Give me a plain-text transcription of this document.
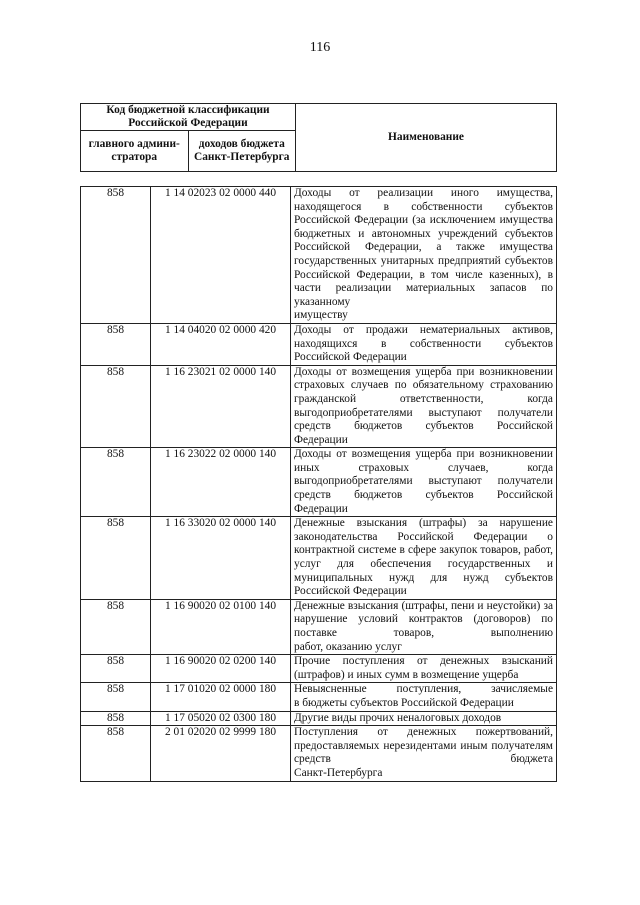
116
Код бюджетной классификации Российской Федерации		Наименование
главного админи-стратора	доходов бюджета Санкт-Петербурга	
858	1 14 02023 02 0000 440	Доходы от реализации иного имущества, находящегося в собственности субъектов Российской Федерации (за исключением имущества бюджетных и автономных учреждений субъектов Российской Федерации, а также имущества государственных унитарных предприятий субъектов Российской Федерации, в том числе казенных), в части реализации материальных запасов по указанному
имуществу

858	1 14 04020 02 0000 420	Доходы от продажи нематериальных активов, находящихся в собственности субъектов
Российской Федерации

858	1 16 23021 02 0000 140	Доходы от возмещения ущерба при возникновении страховых случаев по обязательному страхованию гражданской ответственности, когда выгодоприобретателями выступают получатели средств бюджетов субъектов Российской
Федерации

858	1 16 23022 02 0000 140	Доходы от возмещения ущерба при возникновении иных страховых случаев, когда выгодоприобретателями выступают получатели средств бюджетов субъектов Российской
Федерации

858	1 16 33020 02 0000 140	Денежные взыскания (штрафы) за нарушение законодательства Российской Федерации о контрактной системе в сфере закупок товаров, работ, услуг для обеспечения государственных и муниципальных нужд для нужд субъектов
Российской Федерации

858	1 16 90020 02 0100 140	Денежные взыскания (штрафы, пени и неустойки) за нарушение условий контрактов (договоров) по поставке товаров, выполнению
работ, оказанию услуг

858	1 16 90020 02 0200 140	Прочие поступления от денежных взысканий
(штрафов) и иных сумм в возмещение ущерба

858	1 17 01020 02 0000 180	Невыясненные поступления, зачисляемые
в бюджеты субъектов Российской Федерации

858	1 17 05020 02 0300 180	Другие виды прочих неналоговых доходов

858	2 01 02020 02 9999 180	Поступления от денежных пожертвований, предоставляемых нерезидентами иным получателям средств бюджета
Санкт-Петербурга
